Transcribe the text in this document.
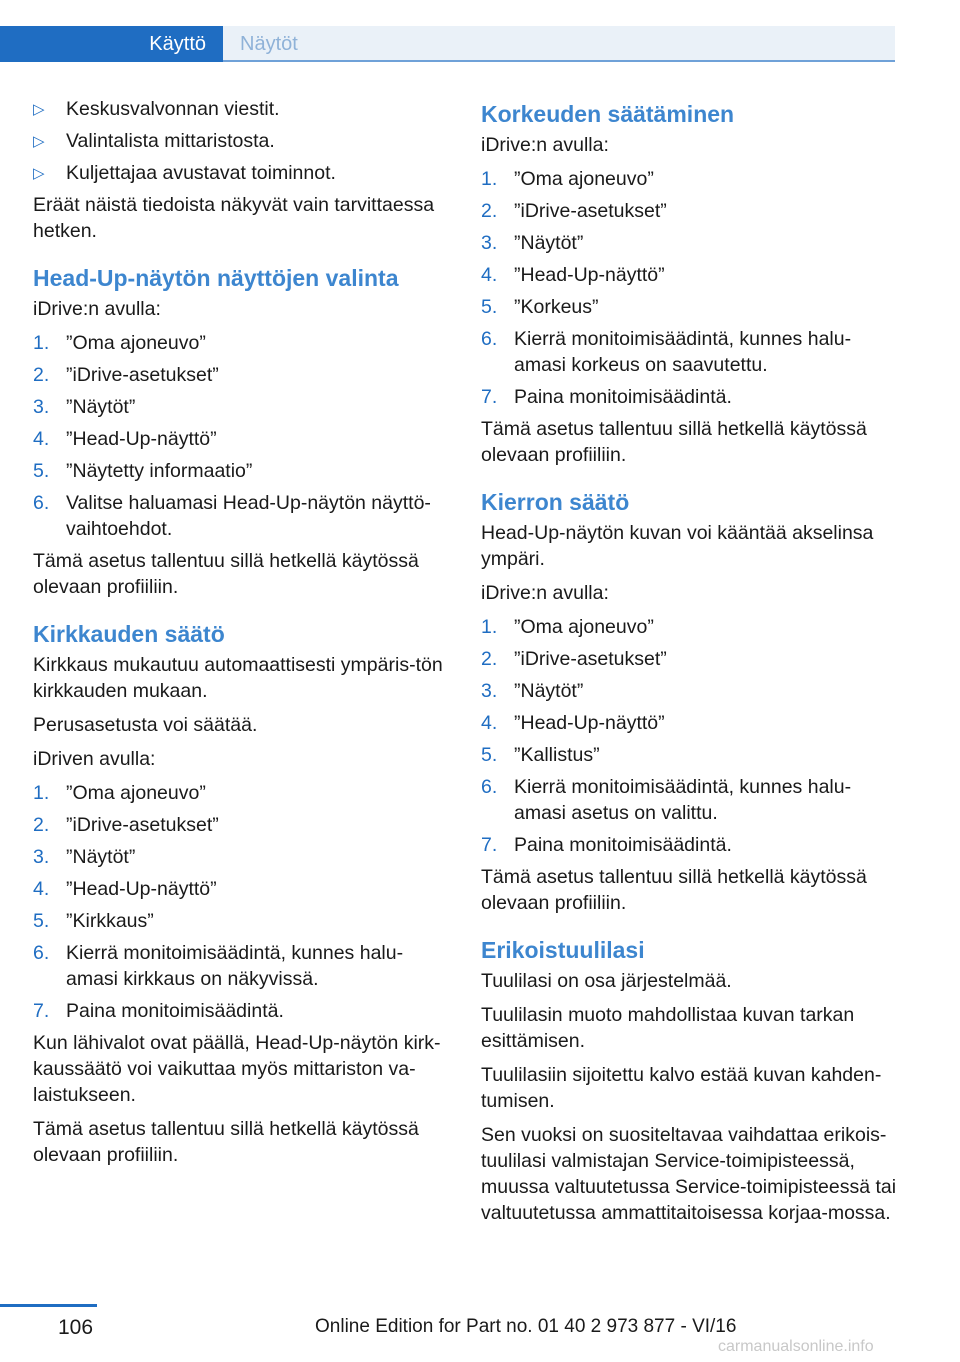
Käyttö	Näytöt
▷ Keskusvalvonnan viestit.
▷ Valintalista mittaristosta.
▷ Kuljettajaa avustavat toiminnot.

Eräät näistä tiedoista näkyvät vain tarvittaessa hetken.

Head-Up-näytön näyttöjen valinta

iDrive:n avulla:

1. ”Oma ajoneuvo”
2. ”iDrive-asetukset”
3. ”Näytöt”
4. ”Head-Up-näyttö”
5. ”Näytetty informaatio”
6. Valitse haluamasi Head-Up-näytön näyttö-vaihtoehdot.

Tämä asetus tallentuu sillä hetkellä käytössä olevaan profiiliin.

Kirkkauden säätö

Kirkkaus mukautuu automaattisesti ympäris-tön kirkkauden mukaan.

Perusasetusta voi säätää.

iDriven avulla:

1. ”Oma ajoneuvo”
2. ”iDrive-asetukset”
3. ”Näytöt”
4. ”Head-Up-näyttö”
5. ”Kirkkaus”
6. Kierrä monitoimisäädintä, kunnes halu-amasi kirkkaus on näkyvissä.
7. Paina monitoimisäädintä.

Kun lähivalot ovat päällä, Head-Up-näytön kirk-kaussäätö voi vaikuttaa myös mittariston va-laistukseen.

Tämä asetus tallentuu sillä hetkellä käytössä olevaan profiiliin.

Korkeuden säätäminen

iDrive:n avulla:

1. ”Oma ajoneuvo”
2. ”iDrive-asetukset”
3. ”Näytöt”
4. ”Head-Up-näyttö”
5. ”Korkeus”
6. Kierrä monitoimisäädintä, kunnes halu-amasi korkeus on saavutettu.
7. Paina monitoimisäädintä.

Tämä asetus tallentuu sillä hetkellä käytössä olevaan profiiliin.

Kierron säätö

Head-Up-näytön kuvan voi kääntää akselinsa ympäri.

iDrive:n avulla:

1. ”Oma ajoneuvo”
2. ”iDrive-asetukset”
3. ”Näytöt”
4. ”Head-Up-näyttö”
5. ”Kallistus”
6. Kierrä monitoimisäädintä, kunnes halu-amasi asetus on valittu.
7. Paina monitoimisäädintä.

Tämä asetus tallentuu sillä hetkellä käytössä olevaan profiiliin.

Erikoistuulilasi

Tuulilasi on osa järjestelmää.

Tuulilasin muoto mahdollistaa kuvan tarkan esittämisen.

Tuulilasiin sijoitettu kalvo estää kuvan kahden-tumisen.

Sen vuoksi on suositeltavaa vaihdattaa erikois-tuulilasi valmistajan Service-toimipisteessä, muussa valtuutetussa Service-toimipisteessä tai valtuutetussa ammattitaitoisessa korjaa-mossa.

106	Online Edition for Part no. 01 40 2 973 877 - VI/16
carmanualsonline.info
